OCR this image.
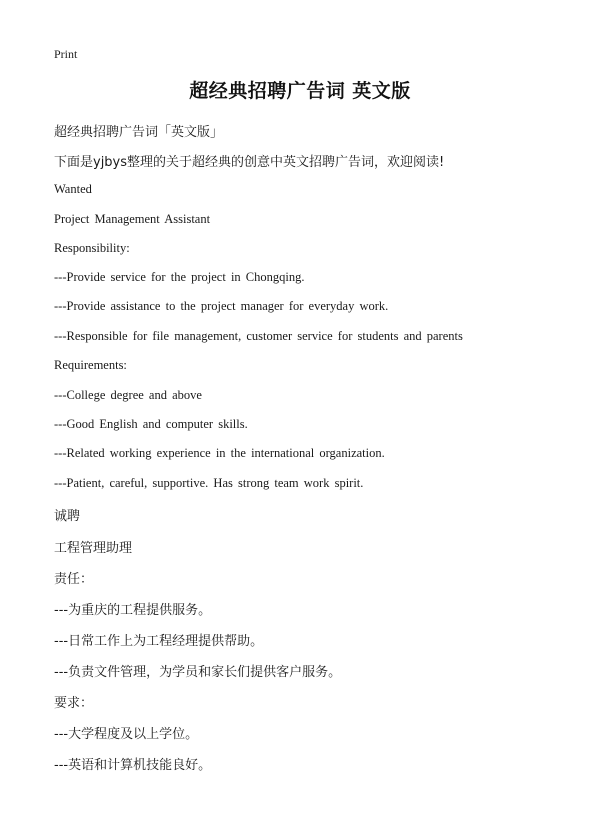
Print
超经典招聘广告词 英文版
超经典招聘广告词「英文版」
下面是yjbys整理的关于超经典的创意中英文招聘广告词，欢迎阅读!
Wanted
Project Management Assistant
Responsibility:
---Provide service for the project in Chongqing.
---Provide assistance to the project manager for everyday work.
---Responsible for file management, customer service for students and parents
Requirements:
---College degree and above
---Good English and computer skills.
---Related working experience in the international organization.
---Patient, careful, supportive. Has strong team work spirit.
诚聘
工程管理助理
责任：
---为重庆的工程提供服务。
---日常工作上为工程经理提供帮助。
---负责文件管理，为学员和家长们提供客户服务。
要求：
---大学程度及以上学位。
---英语和计算机技能良好。
